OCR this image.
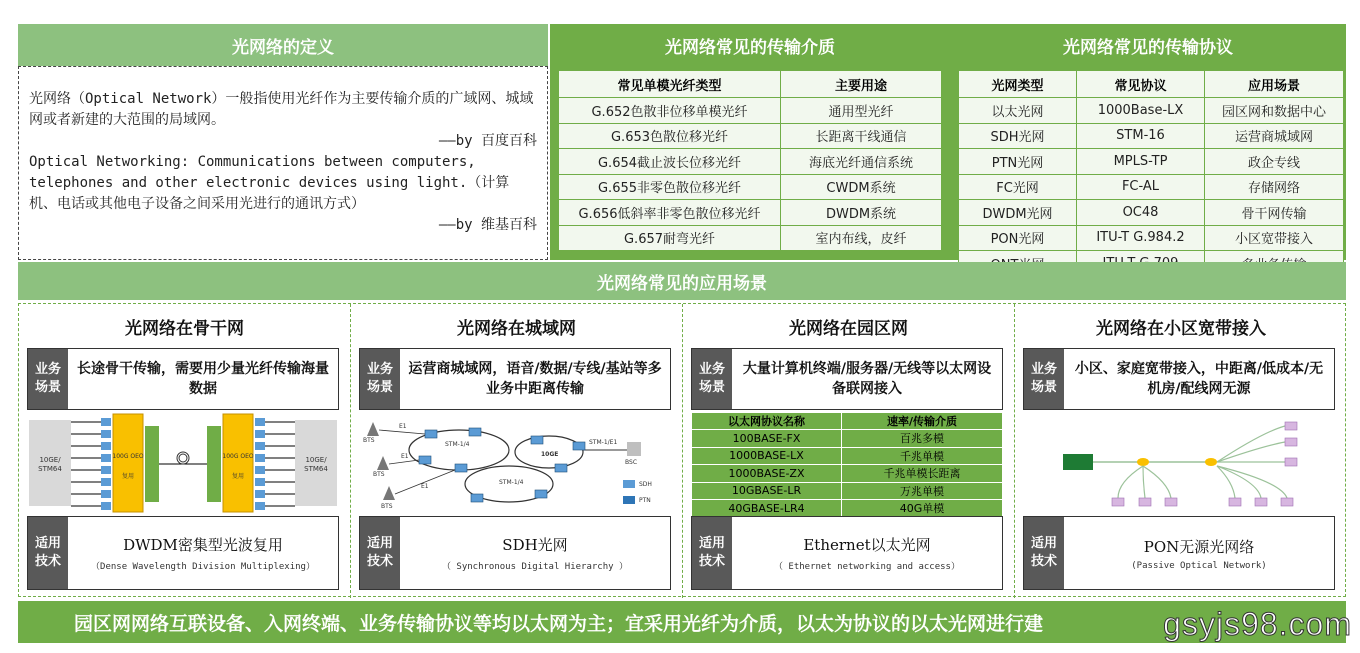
光网络的定义
光网络（Optical Network）一般指使用光纤作为主要传输介质的广域网、城域网或者新建的大范围的局域网。
——by 百度百科
Optical Networking: Communications between computers, telephones and other electronic devices using light.（计算机、电话或其他电子设备之间采用光进行的通讯方式）
——by 维基百科
光网络常见的传输介质	光网络常见的传输协议
常见单模光纤类型	主要用途
G.652色散非位移单模光纤	通用型光纤
G.653色散位移光纤	长距离干线通信
G.654截止波长位移光纤	海底光纤通信系统
G.655非零色散位移光纤	CWDM系统
G.656低斜率非零色散位移光纤	DWDM系统
G.657耐弯光纤	室内布线，皮纤
光网类型	常见协议	应用场景
以太光网	1000Base-LX	园区网和数据中心
SDH光网	STM-16	运营商城域网
PTN光网	MPLS-TP	政企专线
FC光网	FC-AL	存储网络
DWDM光网	OC48	骨干网传输
PON光网	ITU-T G.984.2	小区宽带接入

光网络常见的应用场景
光网络在骨干网
业务场景
长途骨干传输，需要用少量光纤传输海量数据
10GE/ STM64
10GE/ STM64
100G OEO	100G OEO
复用	复用
适用技术
DWDM密集型光波复用
（Dense Wavelength Division Multiplexing）
光网络在城域网
业务场景
运营商城域网，语音/数据/专线/基站等多业务中距离传输
STM-1/4
10GE
STM-1/4
STM-1/E1
BTS
BTS
BTS
BSC
SDH
PTN
E1
E1
E1
适用技术
SDH光网
（ Synchronous Digital Hierarchy ）
光网络在园区网
业务场景
大量计算机终端/服务器/无线等以太网设备联网接入
以太网协议名称	速率/传输介质
100BASE-FX	百兆多模
1000BASE-LX	千兆单模
1000BASE-ZX	千兆单模长距离
10GBASE-LR	万兆单模
40GBASE-LR4	40G单模
适用技术
Ethernet以太光网
（ Ethernet networking and access）
光网络在小区宽带接入
业务场景
小区、家庭宽带接入，中距离/低成本/无机房/配线网无源
适用技术
PON无源光网络
(Passive Optical Network)
园区网网络互联设备、入网终端、业务传输协议等均以太网为主；宜采用光纤为介质，以太为协议的以太光网进行建	gsyjs98.com
